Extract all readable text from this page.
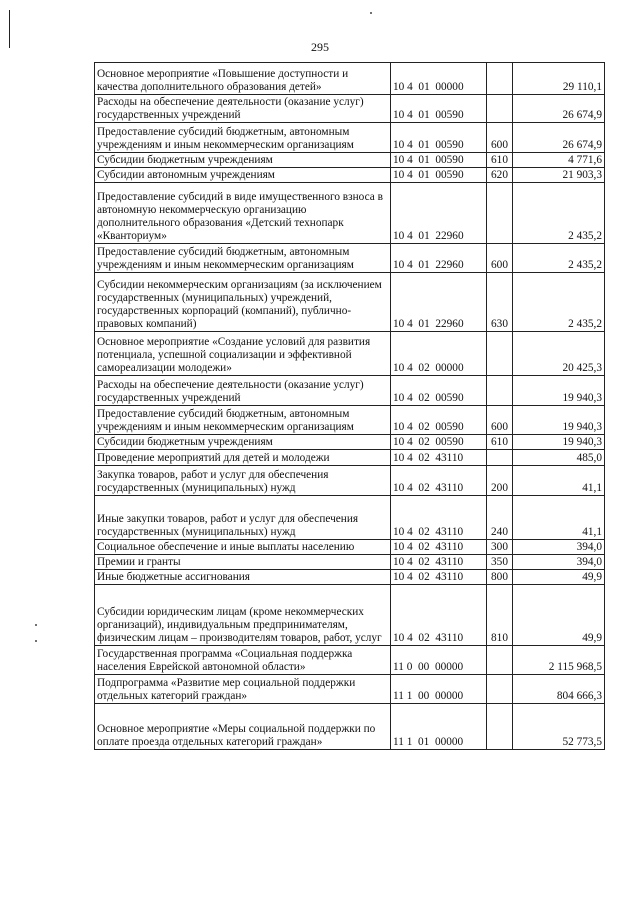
295
Основное мероприятие «Повышение доступности и качества дополнительного образования детей»	10 4  01  00000		29 110,1
Расходы на обеспечение деятельности (оказание услуг) государственных учреждений	10 4  01  00590		26 674,9
Предоставление субсидий бюджетным, автономным учреждениям и иным некоммерческим организациям	10 4  01  00590	600	26 674,9
Субсидии бюджетным учреждениям	10 4  01  00590	610	4 771,6
Субсидии автономным учреждениям	10 4  01  00590	620	21 903,3
Предоставление субсидий в виде имущественного взноса в автономную некоммерческую организацию дополнительного образования «Детский технопарк «Кванториум»	10 4  01  22960		2 435,2
Предоставление субсидий бюджетным, автономным учреждениям и иным некоммерческим организациям	10 4  01  22960	600	2 435,2
Субсидии некоммерческим организациям (за исключением государственных (муниципальных) учреждений, государственных корпораций (компаний), публично-правовых компаний)	10 4  01  22960	630	2 435,2
Основное мероприятие «Создание условий для развития потенциала, успешной социализации и эффективной самореализации молодежи»	10 4  02  00000		20 425,3
Расходы на обеспечение деятельности (оказание услуг) государственных учреждений	10 4  02  00590		19 940,3
Предоставление субсидий бюджетным, автономным учреждениям и иным некоммерческим организациям	10 4  02  00590	600	19 940,3
Субсидии бюджетным учреждениям	10 4  02  00590	610	19 940,3
Проведение мероприятий для детей и молодежи	10 4  02  43110		485,0
Закупка товаров, работ и услуг для обеспечения государственных (муниципальных) нужд	10 4  02  43110	200	41,1
Иные закупки товаров, работ и услуг для обеспечения государственных (муниципальных) нужд	10 4  02  43110	240	41,1
Социальное обеспечение и иные выплаты населению	10 4  02  43110	300	394,0
Премии и гранты	10 4  02  43110	350	394,0
Иные бюджетные ассигнования	10 4  02  43110	800	49,9
Субсидии юридическим лицам (кроме некоммерческих организаций), индивидуальным предпринимателям, физическим лицам – производителям товаров, работ, услуг	10 4  02  43110	810	49,9
Государственная программа «Социальная поддержка населения Еврейской автономной области»	11 0  00  00000		2 115 968,5
Подпрограмма «Развитие мер социальной поддержки отдельных категорий граждан»	11 1  00  00000		804 666,3
Основное мероприятие «Меры социальной поддержки по оплате проезда отдельных категорий граждан»	11 1  01  00000		52 773,5
